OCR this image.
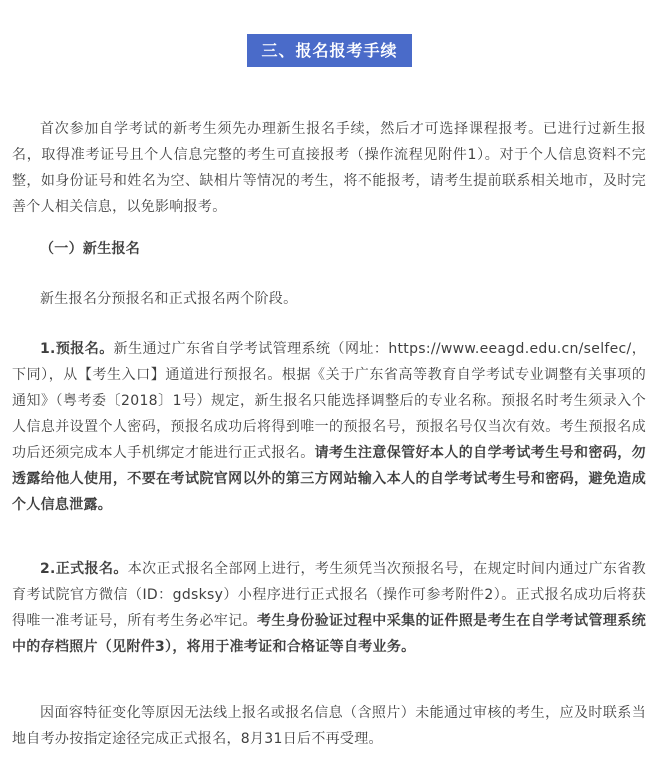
三、报名报考手续

首次参加自学考试的新考生须先办理新生报名手续，然后才可选择课程报考。已进行过新生报名，取得准考证号且个人信息完整的考生可直接报考（操作流程见附件1）。对于个人信息资料不完整，如身份证号和姓名为空、缺相片等情况的考生，将不能报考，请考生提前联系相关地市，及时完善个人相关信息，以免影响报考。

（一）新生报名

新生报名分预报名和正式报名两个阶段。

1.预报名。新生通过广东省自学考试管理系统（网址：https://www.eeagd.edu.cn/selfec/，下同），从【考生入口】通道进行预报名。根据《关于广东省高等教育自学考试专业调整有关事项的通知》（粤考委〔2018〕1号）规定，新生报名只能选择调整后的专业名称。预报名时考生须录入个人信息并设置个人密码，预报名成功后将得到唯一的预报名号，预报名号仅当次有效。考生预报名成功后还须完成本人手机绑定才能进行正式报名。请考生注意保管好本人的自学考试考生号和密码，勿透露给他人使用，不要在考试院官网以外的第三方网站输入本人的自学考试考生号和密码，避免造成个人信息泄露。

2.正式报名。本次正式报名全部网上进行，考生须凭当次预报名号，在规定时间内通过广东省教育考试院官方微信（ID：gdsksy）小程序进行正式报名（操作可参考附件2）。正式报名成功后将获得唯一准考证号，所有考生务必牢记。考生身份验证过程中采集的证件照是考生在自学考试管理系统中的存档照片（见附件3），将用于准考证和合格证等自考业务。

因面容特征变化等原因无法线上报名或报名信息（含照片）未能通过审核的考生，应及时联系当地自考办按指定途径完成正式报名，8月31日后不再受理。
